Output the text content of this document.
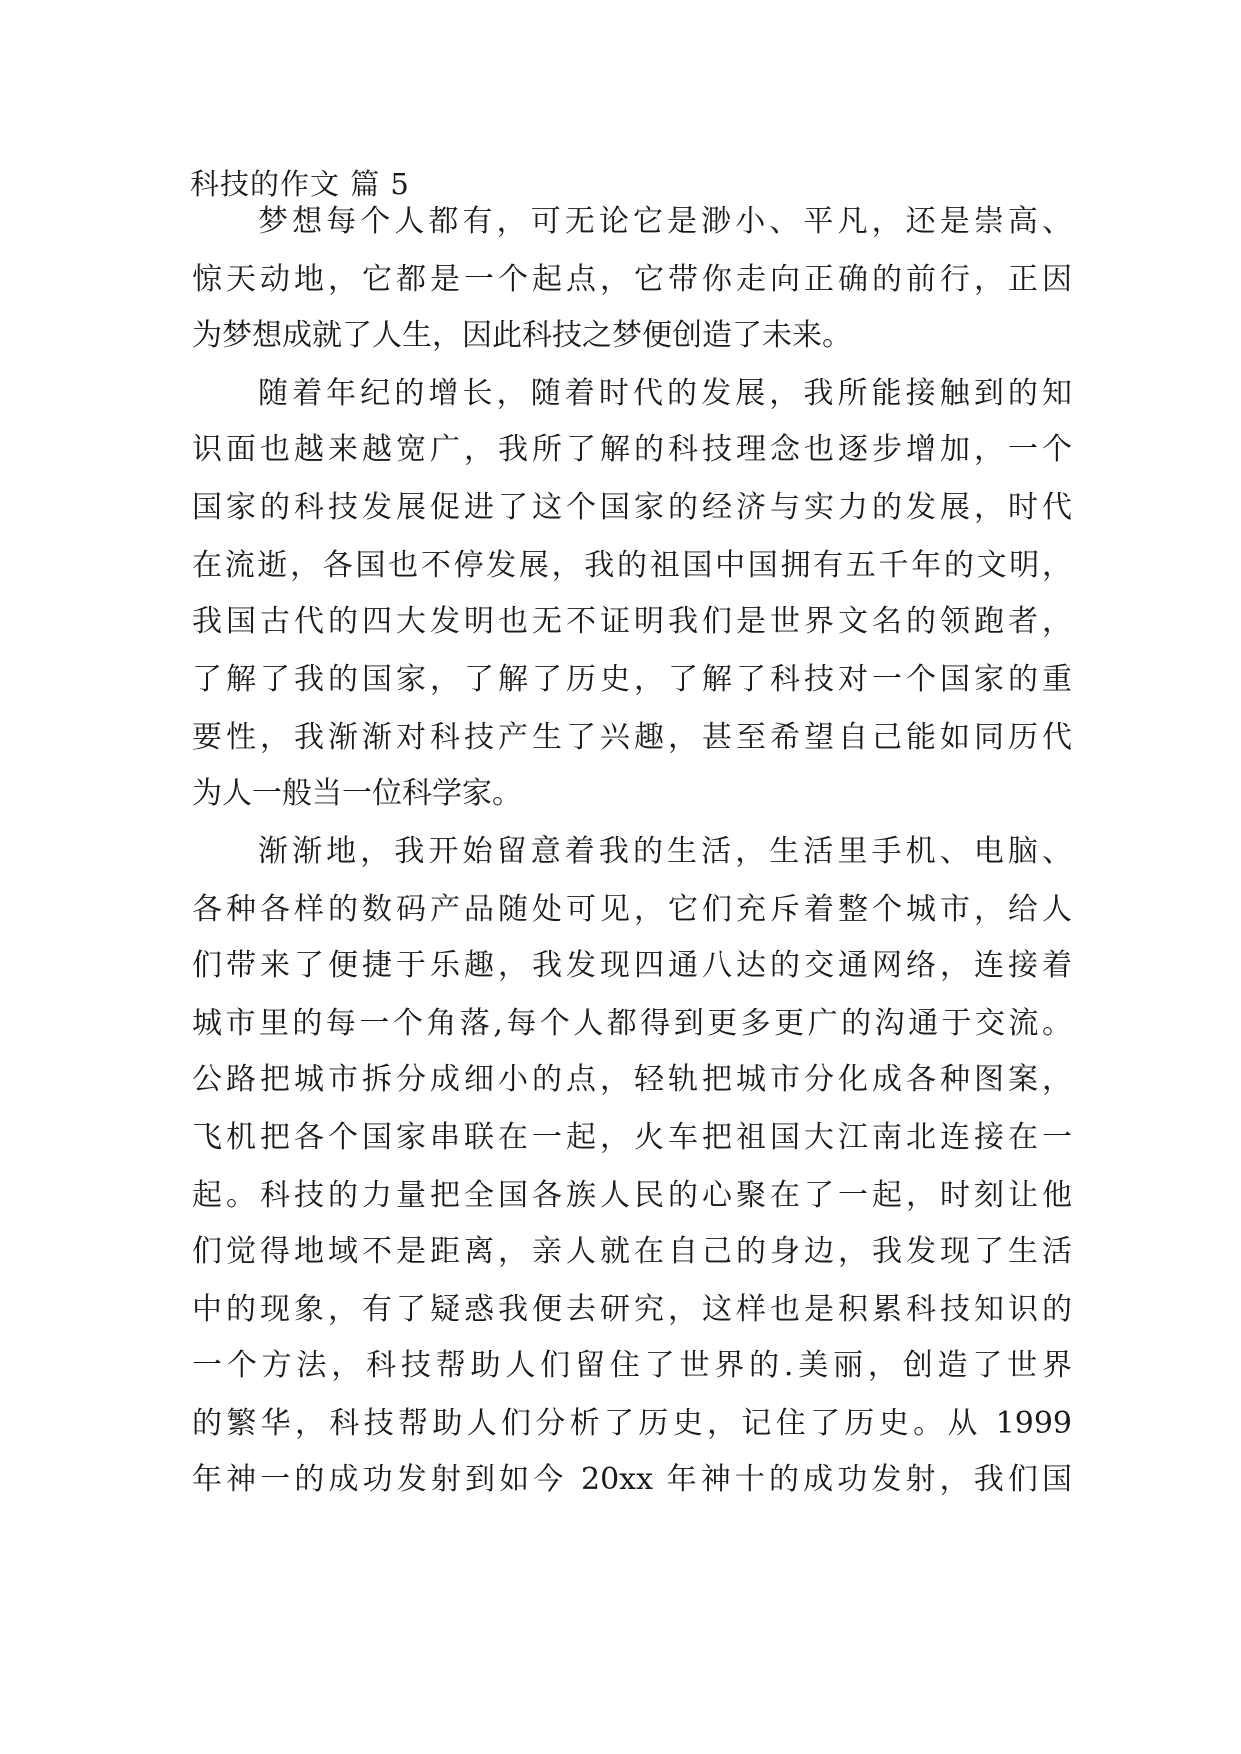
科技的作文 篇 5
梦想每个人都有，可无论它是渺小、平凡，还是崇高、
惊天动地，它都是一个起点，它带你走向正确的前行，正因
为梦想成就了人生，因此科技之梦便创造了未来。
随着年纪的增长，随着时代的发展，我所能接触到的知
识面也越来越宽广，我所了解的科技理念也逐步增加，一个
国家的科技发展促进了这个国家的经济与实力的发展，时代
在流逝，各国也不停发展，我的祖国中国拥有五千年的文明，
我国古代的四大发明也无不证明我们是世界文名的领跑者，
了解了我的国家，了解了历史，了解了科技对一个国家的重
要性，我渐渐对科技产生了兴趣，甚至希望自己能如同历代
为人一般当一位科学家。
渐渐地，我开始留意着我的生活，生活里手机、电脑、
各种各样的数码产品随处可见，它们充斥着整个城市，给人
们带来了便捷于乐趣，我发现四通八达的交通网络，连接着
城市里的每一个角落,每个人都得到更多更广的沟通于交流。
公路把城市拆分成细小的点，轻轨把城市分化成各种图案，
飞机把各个国家串联在一起，火车把祖国大江南北连接在一
起。科技的力量把全国各族人民的心聚在了一起，时刻让他
们觉得地域不是距离，亲人就在自己的身边，我发现了生活
中的现象，有了疑惑我便去研究，这样也是积累科技知识的
一个方法，科技帮助人们留住了世界的.美丽，创造了世界
的繁华，科技帮助人们分析了历史，记住了历史。从 1999
年神一的成功发射到如今 20xx 年神十的成功发射，我们国
